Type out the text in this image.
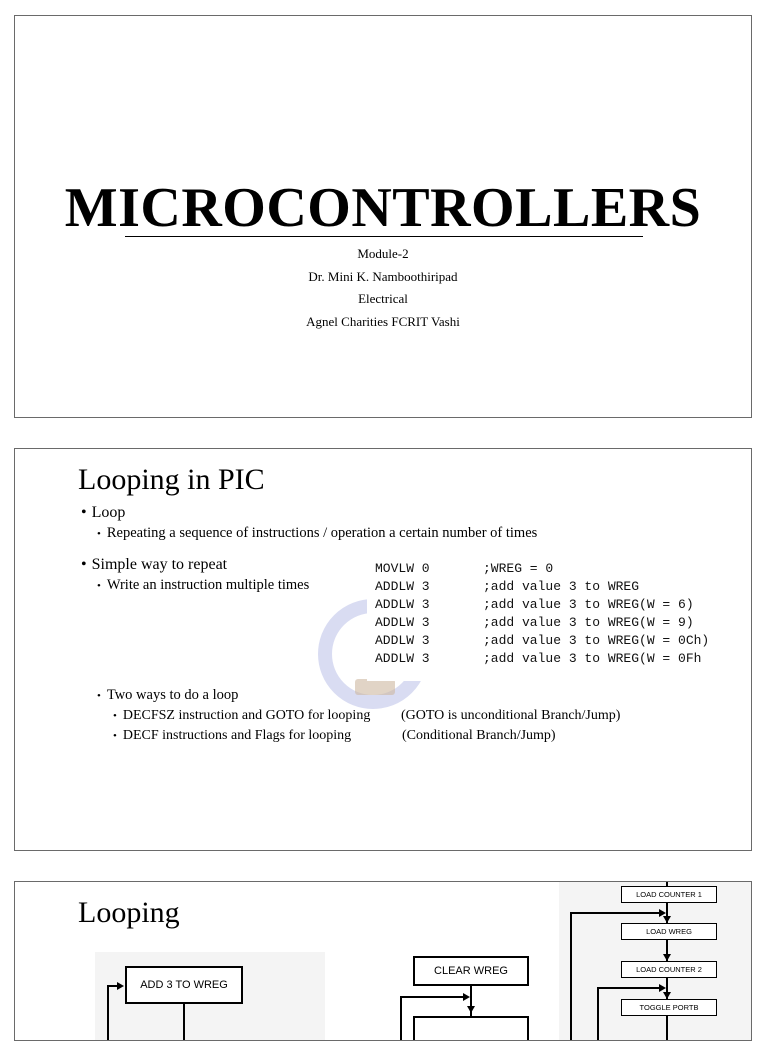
MICROCONTROLLERS
Module-2
Dr. Mini K. Namboothiripad
Electrical
Agnel Charities FCRIT Vashi
Looping in PIC
• Loop
• Repeating a sequence of instructions / operation a certain number of times
• Simple way to repeat
• Write an instruction multiple times
MOVLW 0	;WREG = 0
ADDLW 3	;add value 3 to WREG
ADDLW 3	;add value 3 to WREG(W = 6)
ADDLW 3	;add value 3 to WREG(W = 9)
ADDLW 3	;add value 3 to WREG(W = 0Ch)
ADDLW 3	;add value 3 to WREG(W = 0Fh
• Two ways to do a loop
• DECFSZ instruction and GOTO for looping (GOTO is unconditional Branch/Jump)
• DECF instructions and Flags for looping	(Conditional Branch/Jump)
Looping
ADD 3 TO WREG
CLEAR WREG
LOAD COUNTER 1
LOAD WREG
LOAD COUNTER 2
TOGGLE PORTB
